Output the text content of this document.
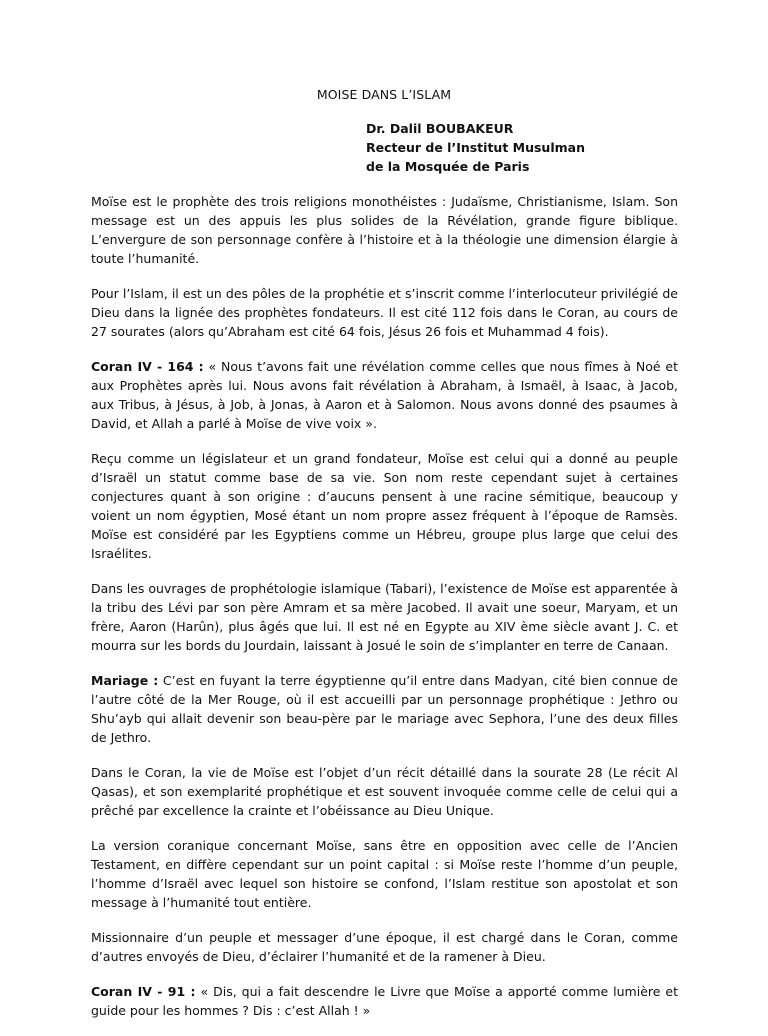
MOISE DANS L’ISLAM
Dr. Dalil BOUBAKEUR
Recteur de l’Institut Musulman
de la Mosquée de Paris

Moïse est le prophète des trois religions monothéistes : Judaïsme, Christianisme, Islam. Son message est un des appuis les plus solides de la Révélation, grande figure biblique. L’envergure de son personnage confère à l’histoire et à la théologie une dimension élargie à toute l’humanité.

Pour l’Islam, il est un des pôles de la prophétie et s’inscrit comme l’interlocuteur privilégié de Dieu dans la lignée des prophètes fondateurs. Il est cité 112 fois dans le Coran, au cours de 27 sourates (alors qu’Abraham est cité 64 fois, Jésus 26 fois et Muhammad 4 fois).

Coran IV - 164 : « Nous t’avons fait une révélation comme celles que nous fîmes à Noé et aux Prophètes après lui. Nous avons fait révélation à Abraham, à Ismaël, à Isaac, à Jacob, aux Tribus, à Jésus, à Job, à Jonas, à Aaron et à Salomon. Nous avons donné des psaumes à David, et Allah a parlé à Moïse de vive voix ».

Reçu comme un législateur et un grand fondateur, Moïse est celui qui a donné au peuple d’Israël un statut comme base de sa vie. Son nom reste cependant sujet à certaines conjectures quant à son origine : d’aucuns pensent à une racine sémitique, beaucoup y voient un nom égyptien, Mosé étant un nom propre assez fréquent à l’époque de Ramsès. Moïse est considéré par les Egyptiens comme un Hébreu, groupe plus large que celui des Israélites.

Dans les ouvrages de prophétologie islamique (Tabari), l’existence de Moïse est apparentée à la tribu des Lévi par son père Amram et sa mère Jacobed. Il avait une soeur, Maryam, et un frère, Aaron (Harûn), plus âgés que lui. Il est né en Egypte au XIV ème siècle avant J. C. et mourra sur les bords du Jourdain, laissant à Josué le soin de s’implanter en terre de Canaan.

Mariage : C’est en fuyant la terre égyptienne qu’il entre dans Madyan, cité bien connue de l’autre côté de la Mer Rouge, où il est accueilli par un personnage prophétique : Jethro ou Shu’ayb qui allait devenir son beau-père par le mariage avec Sephora, l’une des deux filles de Jethro.

Dans le Coran, la vie de Moïse est l’objet d’un récit détaillé dans la sourate 28 (Le récit Al Qasas), et son exemplarité prophétique et est souvent invoquée comme celle de celui qui a prêché par excellence la crainte et l’obéissance au Dieu Unique.

La version coranique concernant Moïse, sans être en opposition avec celle de l’Ancien Testament, en diffère cependant sur un point capital : si Moïse reste l’homme d’un peuple, l’homme d’Israël avec lequel son histoire se confond, l’Islam restitue son apostolat et son message à l’humanité tout entière.

Missionnaire d’un peuple et messager d’une époque, il est chargé dans le Coran, comme d’autres envoyés de Dieu, d’éclairer l’humanité et de la ramener à Dieu.

Coran IV - 91 : « Dis, qui a fait descendre le Livre que Moïse a apporté comme lumière et guide pour les hommes ? Dis : c’est Allah ! »
